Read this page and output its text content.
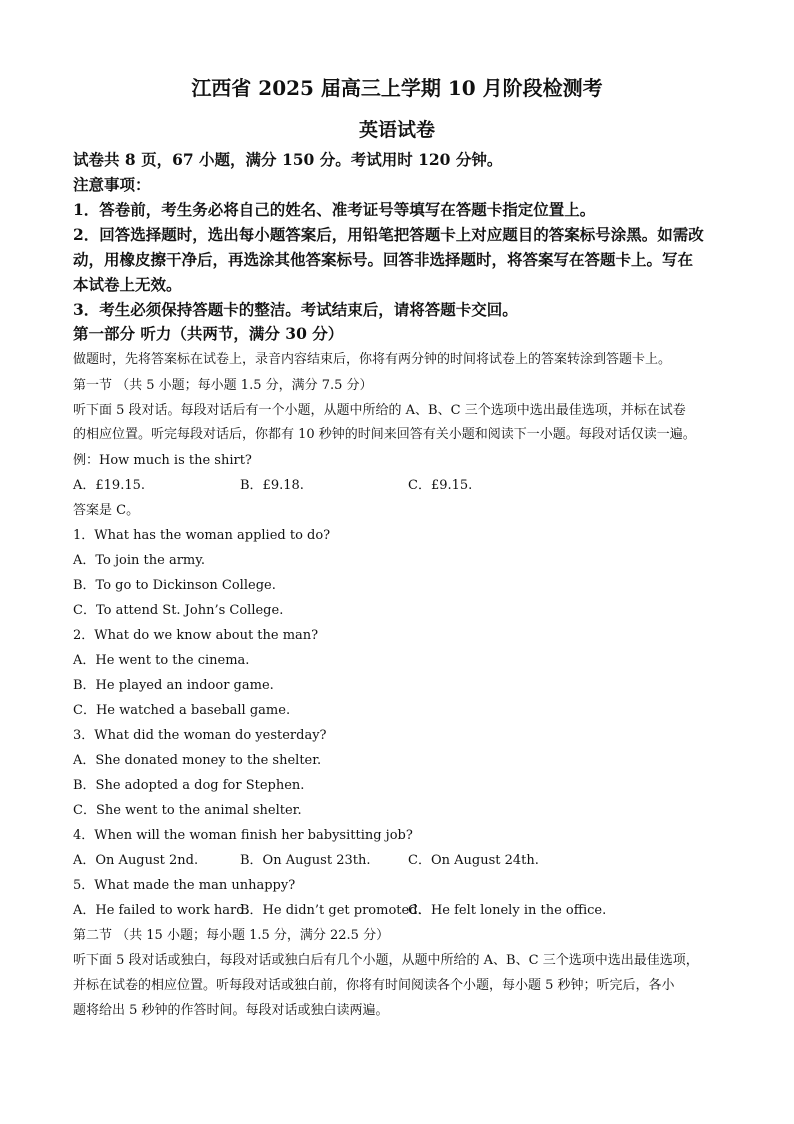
江西省 2025 届高三上学期 10 月阶段检测考
英语试卷
试卷共 8 页，67 小题，满分 150 分。考试用时 120 分钟。
注意事项：
1．答卷前，考生务必将自己的姓名、准考证号等填写在答题卡指定位置上。
2．回答选择题时，选出每小题答案后，用铅笔把答题卡上对应题目的答案标号涂黑。如需改
动，用橡皮擦干净后，再选涂其他答案标号。回答非选择题时，将答案写在答题卡上。写在
本试卷上无效。
3．考生必须保持答题卡的整洁。考试结束后，请将答题卡交回。
第一部分 听力（共两节，满分 30 分）
做题时，先将答案标在试卷上，录音内容结束后，你将有两分钟的时间将试卷上的答案转涂到答题卡上。
第一节 （共 5 小题；每小题 1.5 分，满分 7.5 分）
听下面 5 段对话。每段对话后有一个小题，从题中所给的 A、B、C 三个选项中选出最佳选项，并标在试卷
的相应位置。听完每段对话后，你都有 10 秒钟的时间来回答有关小题和阅读下一小题。每段对话仅读一遍。
例：How much is the shirt?
A．£19.15.	B．£9.18.	C．£9.15.
答案是 C。
1．What has the woman applied to do?
A．To join the army.
B．To go to Dickinson College.
C．To attend St. John’s College.
2．What do we know about the man?
A．He went to the cinema.
B．He played an indoor game.
C．He watched a baseball game.
3．What did the woman do yesterday?
A．She donated money to the shelter.
B．She adopted a dog for Stephen.
C．She went to the animal shelter.
4．When will the woman finish her babysitting job?
A．On August 2nd.	B．On August 23th.	C．On August 24th.
5．What made the man unhappy?
A．He failed to work hard.
B．He didn’t get promoted.
C．He felt lonely in the office.
第二节 （共 15 小题；每小题 1.5 分，满分 22.5 分）
听下面 5 段对话或独白，每段对话或独白后有几个小题，从题中所给的 A、B、C 三个选项中选出最佳选项，
并标在试卷的相应位置。听每段对话或独白前，你将有时间阅读各个小题，每小题 5 秒钟；听完后，各小
题将给出 5 秒钟的作答时间。每段对话或独白读两遍。
